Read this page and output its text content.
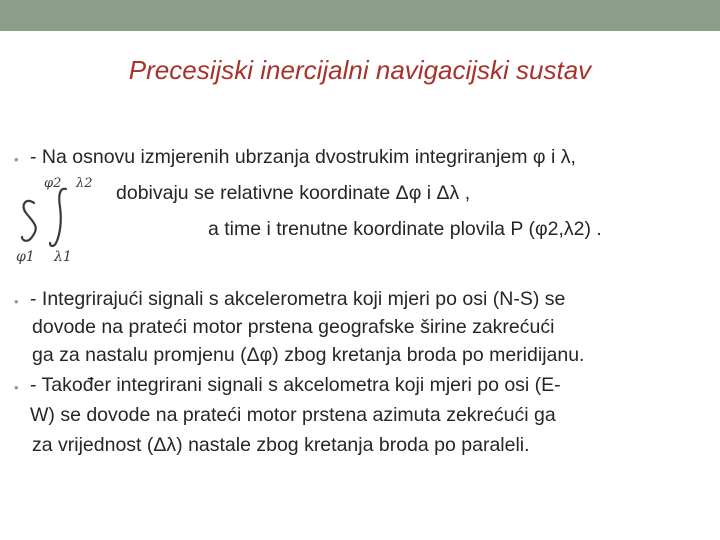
Precesijski inercijalni navigacijski sustav
• - Na osnovu izmjerenih ubrzanja dvostrukim integriranjem φ i λ,
dobivaju se relativne koordinate Δφ i Δλ ,
a time i trenutne koordinate plovila P (φ2,λ2) .
φ2 λ2
φ1 λ1
• - Integrirajući signali s akcelerometra koji mjeri po osi (N-S) se
dovode na prateći motor prstena geografske širine zakrećući
ga za nastalu promjenu (Δφ) zbog kretanja broda po meridijanu.
• - Također integrirani signali s akcelometra koji mjeri po osi (E-
W) se dovode na prateći motor prstena azimuta zekrećući ga
za vrijednost (Δλ) nastale zbog kretanja broda po paraleli.
